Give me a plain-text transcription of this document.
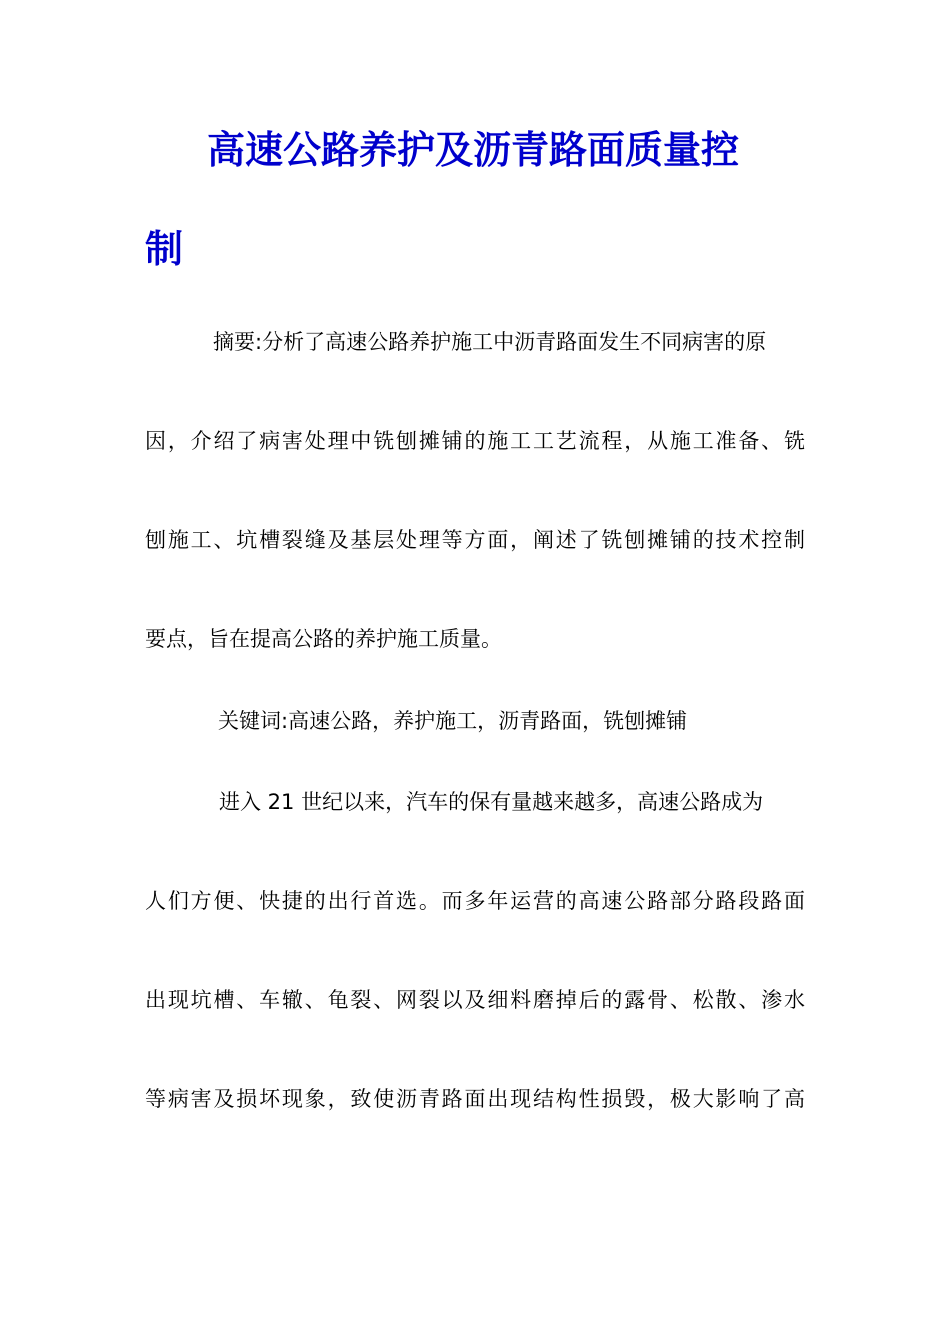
高速公路养护及沥青路面质量控
制

摘要:分析了高速公路养护施工中沥青路面发生不同病害的原

因，介绍了病害处理中铣刨摊铺的施工工艺流程，从施工准备、铣

刨施工、坑槽裂缝及基层处理等方面，阐述了铣刨摊铺的技术控制

要点，旨在提高公路的养护施工质量。

关键词:高速公路，养护施工，沥青路面，铣刨摊铺

进入 21 世纪以来，汽车的保有量越来越多，高速公路成为

人们方便、快捷的出行首选。而多年运营的高速公路部分路段路面

出现坑槽、车辙、龟裂、网裂以及细料磨掉后的露骨、松散、渗水

等病害及损坏现象，致使沥青路面出现结构性损毁，极大影响了高
